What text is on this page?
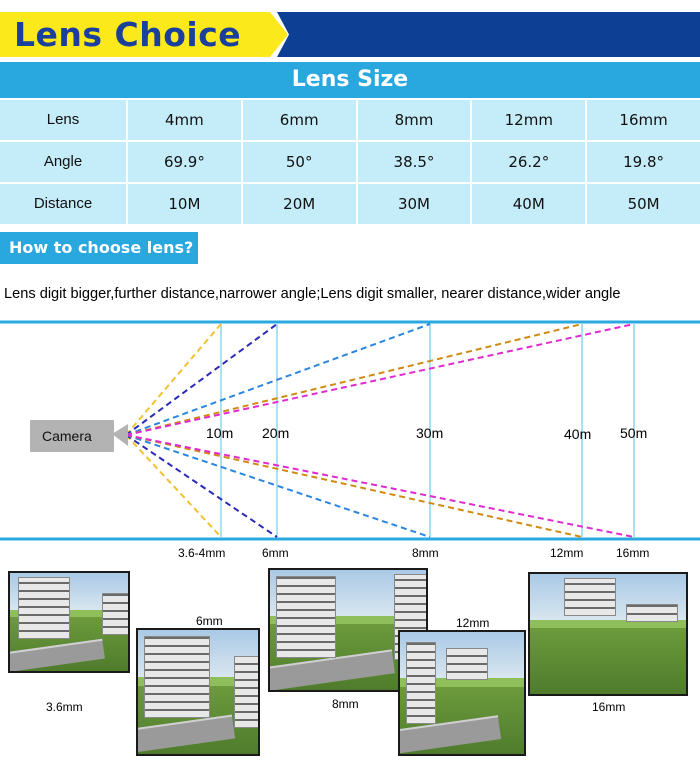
Lens Choice
Lens Size
Lens	4mm	6mm	8mm	12mm	16mm
Angle	69.9°	50°	38.5°	26.2°	19.8°
Distance	10M	20M	30M	40M	50M
How to choose lens?
Lens digit bigger,further distance,narrower angle;Lens digit smaller, nearer distance,wider angle
Camera	10m 20m	30m	40m 50m
3.6-4mm	6mm	8mm	12mm	16mm
3.6mm
6mm
8mm
12mm
16mm
